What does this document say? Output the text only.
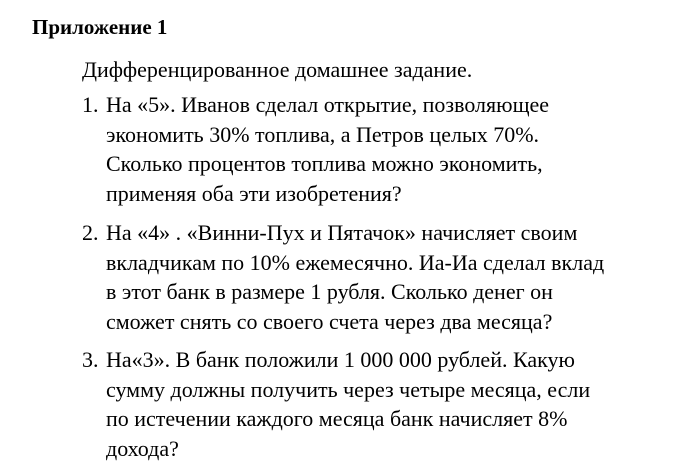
Приложение 1
Дифференцированное домашнее задание.
1. На «5». Иванов сделал открытие, позволяющее
экономить 30% топлива, а Петров целых 70%.
Сколько процентов топлива можно экономить,
применяя оба эти изобретения?
2. На «4» . «Винни-Пух и Пятачок» начисляет своим
вкладчикам по 10% ежемесячно. Иа-Иа сделал вклад
в этот банк в размере 1 рубля. Сколько денег он
сможет снять со своего счета через два месяца?
3. На«3». В банк положили 1 000 000 рублей. Какую
сумму должны получить через четыре месяца, если
по истечении каждого месяца банк начисляет 8%
дохода?
